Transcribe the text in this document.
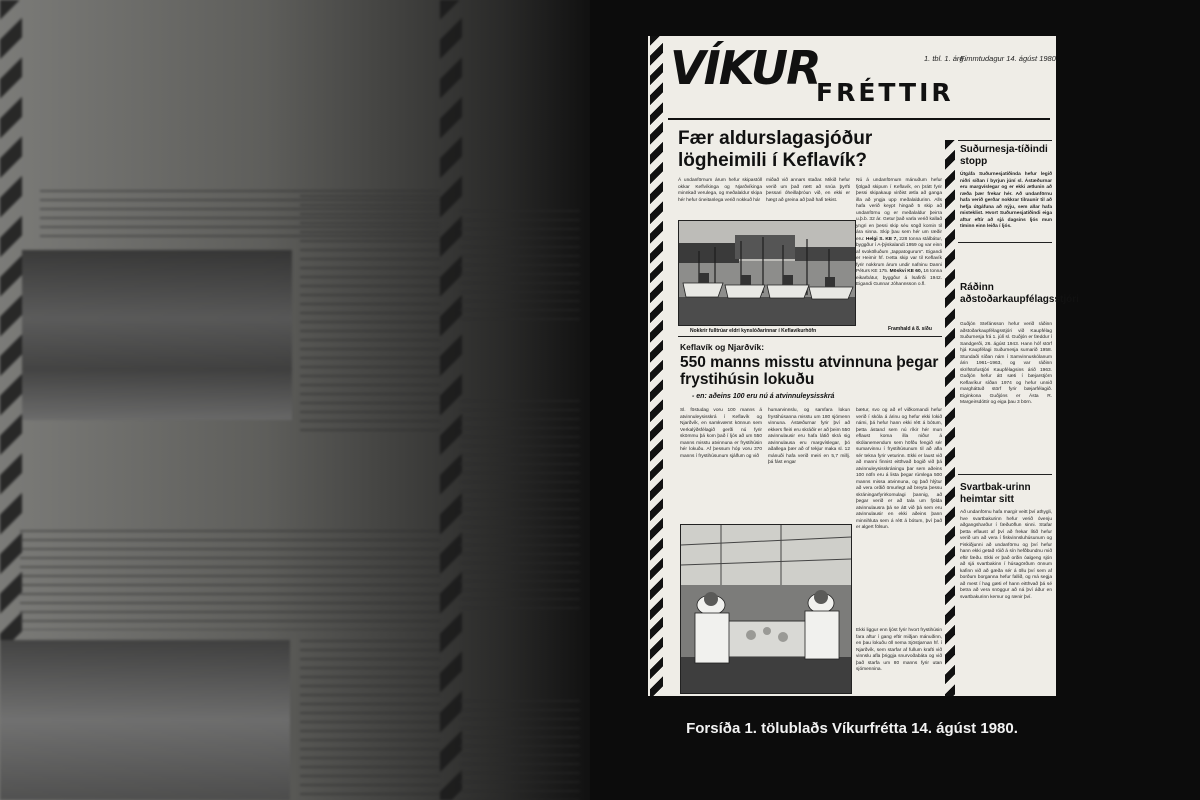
VÍKUR
FRÉTTIR
1. tbl. 1. árg.
Fimmtudagur 14. ágúst 1980
Fær aldurslagasjóður lögheimili í Keflavík?
Á undanförnum árum hefur skipastóll okkar Keflvíkinga og Njarðvíkinga minnkað verulega, og meðalaldur skipa hér hefur óneitanlega verið nokkuð hár
miðað við annars staðar. Mikið hefur verið um það rætt að snúa þyrfti þessari óheillaþróun við, en ekki er hægt að greina að það hafi tekist.
Nú á undanförnum mánuðum hefur fjölgað skipum í Keflavík, en þrátt fyrir þessi skipakaup virðist ætla að ganga illa að yngja upp meðalaldurinn. Alls hafa verið keypt hingað 5 skip að undanförnu og er meðalaldur þeirra u.þ.b. 32 ár. Getur það varla verið kallað yngri en þessi skip séu sögð komin til ára sinna. Skip þau sem hér um ræðir eru: Helgi S. KE 7, 228 tonna stálbátur, byggður í A-þýskalandi 1959 og var einn af svokölluðum „tappatogurum". Eigandi er Heimir hf. Þetta skip var til Keflavík fyrir nokkrum árum undir nafninu Danni Péturs KE 175. Möskvi KE 60, 16 tonna eikarbátur, byggður á Ísafirði 1942. Eigandi Gunnar Jóhannsson o.fl.
Nokkrir fulltrúar eldri kynslóðarinnar í Keflavíkurhöfn	Framhald á 8. síðu
Keflavík og Njarðvík:
550 manns misstu atvinnuna þegar frystihúsin lokuðu
- en: aðeins 100 eru nú á atvinnuleysisskrá
Sl. föstudag voru 100 manns á atvinnuleysisskrá í Keflavík og Njarðvík, en samkvæmt könnun sem Verkalýðsfélagið gerði nú fyrir skömmu þá kom það í ljós að um 550 manns misstu atvinnuna er frystihúsin hér lokuðu. Af þessum hóp voru 370 manns í frystihúsunum sjálfum og við
humarvinnslu, og samfara lokun frystihúsanna misstu um 180 sjómenn vinnuna. Ástæðurnar fyrir því að ekkers fleiri eru skráðir er að þeim 550 atvinnulausir eru hafa látið skrá sig atvinnulausa eru margvíslegar, þó aðallega þær að of tekjur maka sl. 12 mánuði hafa verið meiri en 5,7 millj. þá fást engar
bætur, svo og að ef viðkomandi hefur verið í skóla á árinu og hefur ekki lokið námi, þá hefur hann ekki rétt á bótum, þetta ástand sem nú ríkir hér mun eflaust koma illa niður á skólanemendum sem höfðu fengið sér sumarvinnu í frystihúsunum til að afla sér tekna fyrir veturinn. Ekki er laust við að manni finnist eitthvað bogið við þá atvinnuleysisskráningu þar sem aðeins 100 nöfn eru á lista þegar rúmlega 500 manns missa atvinnuna, og það hlýtur að vera orðið ömurlegt að breyta þessu skráningarfyrirkomulagi þannig, að þegar verið er að tala um fjölda atvinnulausra þá se átt við þá sem eru atvinnulausir en ekki aðeins þann minnihluta sem á rétt á bótum, því það er algert fölsun.
Ekki liggur enn ljóst fyrir hvort frystihúsin fara aftur í gang eftir miðjan mánuðinn, en þau lokuðu öll nema Sjöstjarnan hf. í Njarðvík, sem starfar af fullum krafti við vinnslu afla þriggja snurvoðabáta og við það starfa um 80 manns fyrir utan sjómennina.
Suðurnesja-tíðindi stopp
Útgáfa Suðurnesjatíðinda hefur legið niðri síðan í byrjun júní sl. Ástæðurnar eru margvíslegar og er ekki ætlunin að ræða þær frekar hér. Að undanförnu hafa verið gerðar nokkrar tilraunir til að hefja útgáfuna að nýju, sem allar hafa misteklist. Hvort Suðurnesjatíðindi eiga aftur eftir að sjá dagsins ljós mun tíminn einn leiða í ljós.
Ráðinn aðstoðarkaupfélagsstjóri
Guðjón Stefánsson hefur verið ráðinn aðstoðarkaupfélagsstjóri við Kaupfélag Suðurnesja frá 1. júlí sl. Guðjón er fæddur í Sandgerði, 26. ágúst 1943. Hann hóf störf hjá Kaupfélagi Suðurnesja sumarið 1958. Stundaði síðan nám í Samvinnuskólanum árin 1961–1963, og var ráðinn skrifstofustjóri Kaupfélagsins árið 1963. Guðjón hefur átt sæti í bæjarstjórn Keflavíkur síðan 1974 og hefur unnið margháttuð störf fyrir bæjarfélagið. Eiginkona Guðjóns er Ásta R. Margeirsdóttir og eiga þau 3 börn.
Svartbak-urinn heimtar sitt
Að undanförnu hafa margir veitt því athygli, hve svartbakurinn hefur verið óvenju aðgangsharður í fæðuöflun sinni. Stafar þetta eflaust af því að frekar lítið hefur verið um að vera í fiskvinnsluhúsunum og Fiskiðjunni að undanförnu og því hefur hann ekki getað róið á sín hefðbundnu mið eftir fæðu. Ekki er það orðin óalgeng sjón að sjá svartbakinn í húsagörðum önnum kafinn við að gæða sér á öllu því sem af borðum borganna hefur fallið, og má segja að mest í hag gæti ef hann eitthvað þá sé betra að vera snöggur að ná því áður en svartbakurinn kemur og rænir því.
Forsíða 1. tölublaðs Víkurfrétta 14. ágúst 1980.
